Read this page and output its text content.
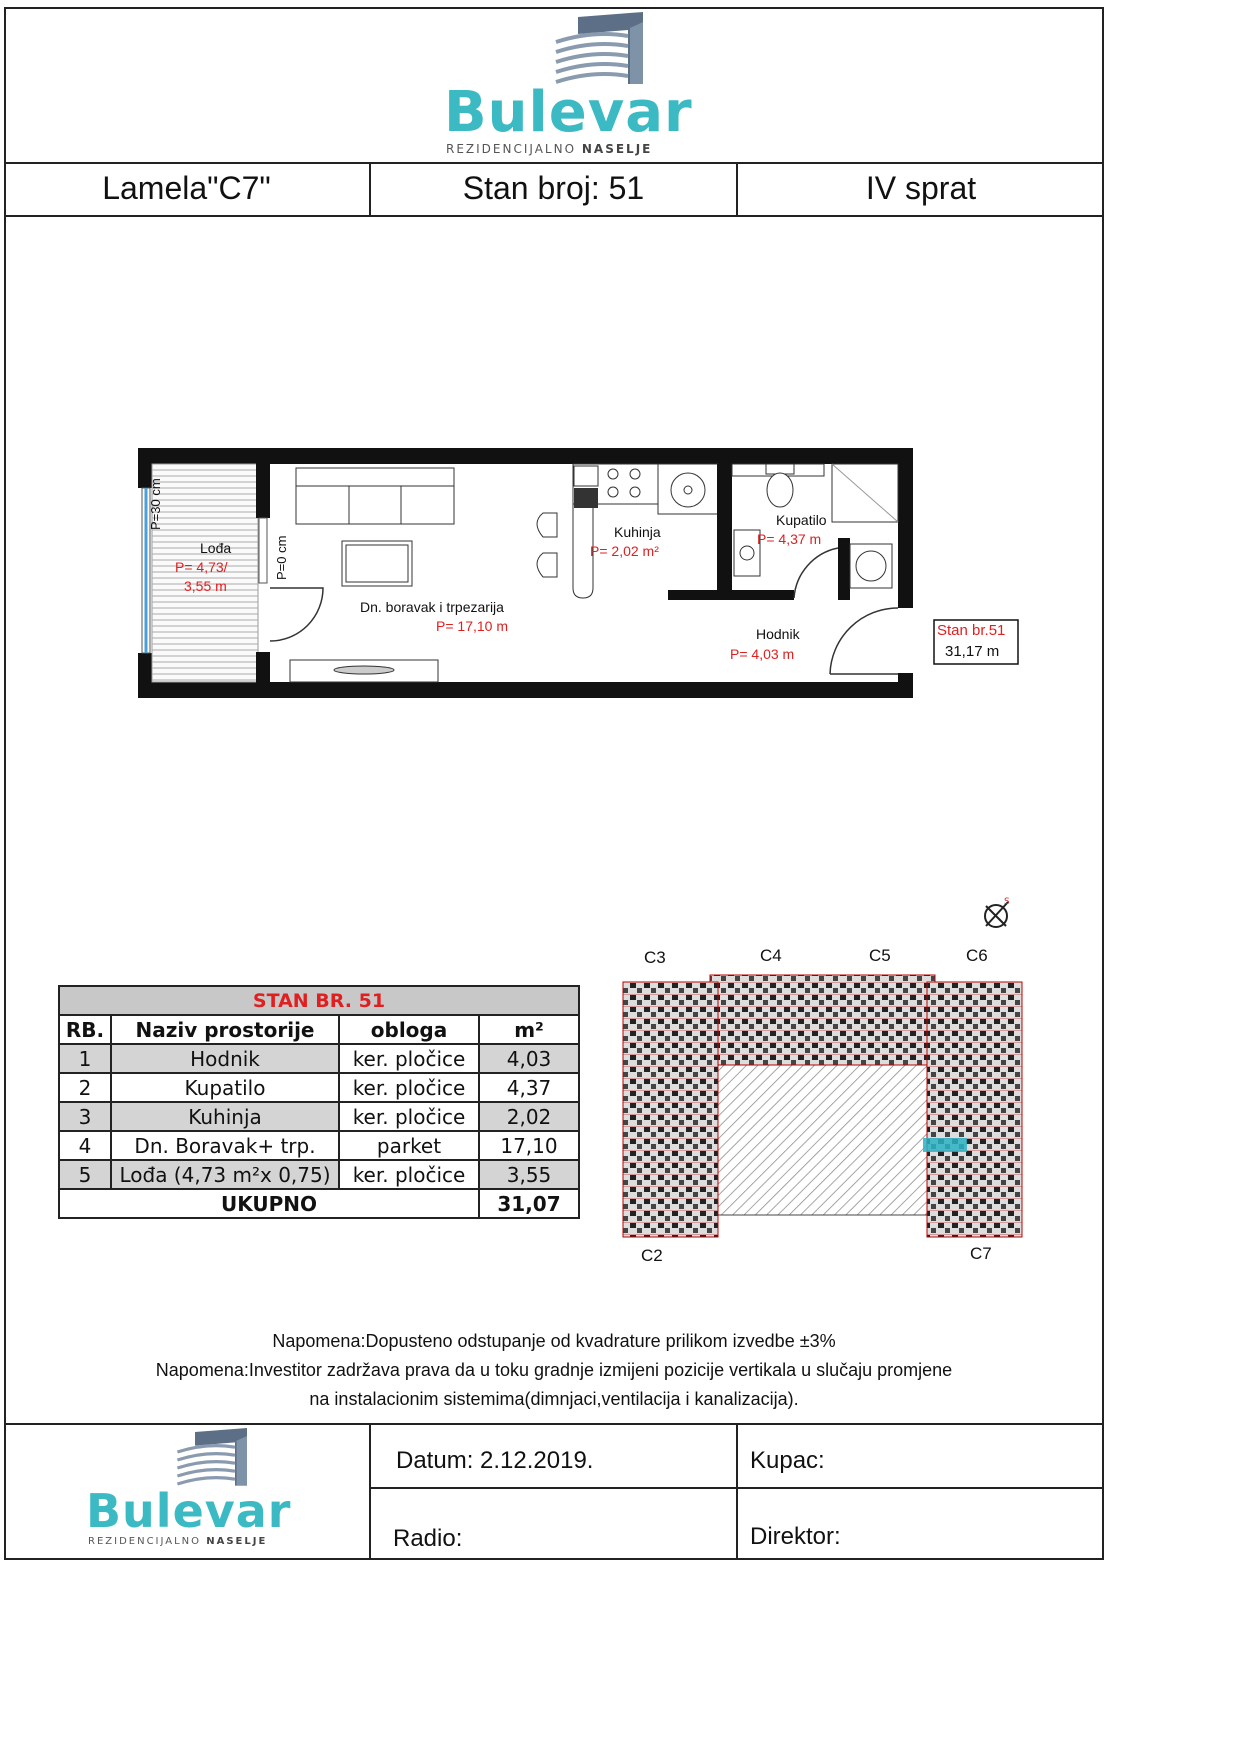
Bulevar
REZIDENCIJALNO NASELJE
Lamela"C7"	Stan broj: 51	IV sprat
P=30 cm
P=0 cm
Lođa
P= 4,73/
3,55 m
Dn. boravak i trpezarija
P= 17,10 m
Kuhinja
P= 2,02 m²
Kupatilo
P= 4,37 m
Hodnik
P= 4,03 m
Stan br.51
31,17 m
S
STAN BR. 51			
RB.	Naziv prostorije	obloga	m²
1	Hodnik	ker. pločice	4,03
2	Kupatilo	ker. pločice	4,37
3	Kuhinja	ker. pločice	2,02
4	Dn. Boravak+ trp.	parket	17,10
5	Lođa (4,73 m²x 0,75)	ker. pločice	3,55
UKUPNO			31,07
C3	C4	C5	C6
C2	C7
Napomena:Dopusteno odstupanje od kvadrature prilikom izvedbe ±3%
Napomena:Investitor zadržava prava da u toku gradnje izmijeni pozicije vertikala u slučaju promjene
na instalacionim sistemima(dimnjaci,ventilacija i kanalizacija).
Bulevar
REZIDENCIJALNO NASELJE
Datum: 2.12.2019.	Kupac:
Radio:	Direktor:
